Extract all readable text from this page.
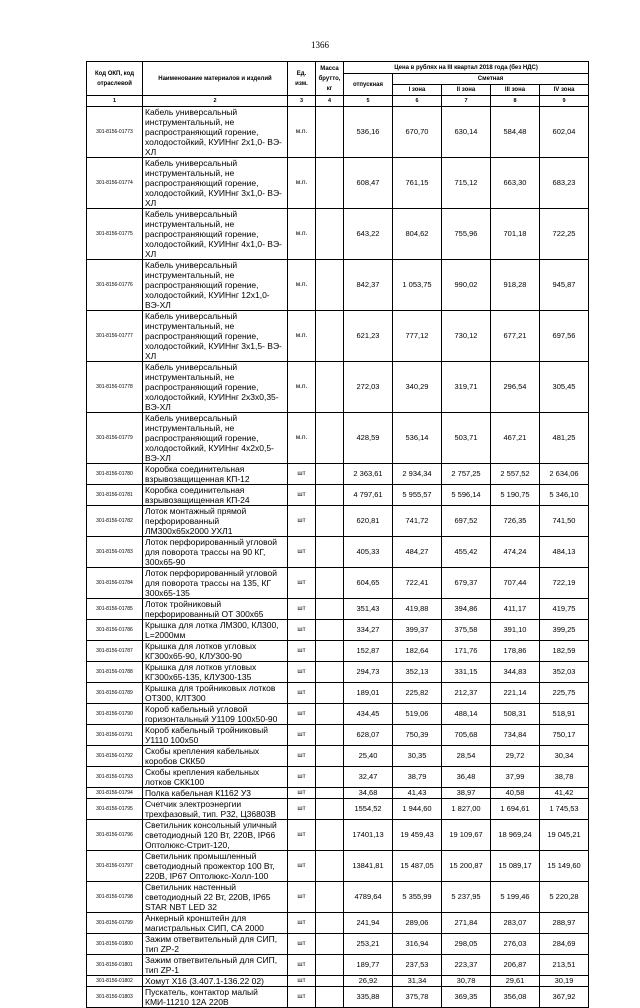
1366
Код ОКП, код отраслевой	Наименование материалов и изделий	Ед. изм.	Масса брутто, кг	Цена в рублях на III квартал 2018 года (без НДС)				
				отпускная	Сметная			
					I зона	II зона	III зона	IV зона
1	2	3	4	5	6	7	8	9
301-8156-01773	Кабель универсальный инструментальный, не распространяющий горение, холодостойкий, КУИНнг 2х1,0- ВЭ-ХЛ	м.п.		536,16	670,70	630,14	584,48	602,04
301-8156-01774	Кабель универсальный инструментальный, не распространяющий горение, холодостойкий, КУИНнг 3х1,0- ВЭ-ХЛ	м.п.		608,47	761,15	715,12	663,30	683,23
301-8156-01775	Кабель универсальный инструментальный, не распространяющий горение, холодостойкий, КУИНнг 4х1,0- ВЭ-ХЛ	м.п.		643,22	804,62	755,96	701,18	722,25
301-8156-01776	Кабель универсальный инструментальный, не распространяющий горение, холодостойкий, КУИНнг 12х1,0- ВЭ-ХЛ	м.п.		842,37	1 053,75	990,02	918,28	945,87
301-8156-01777	Кабель универсальный инструментальный, не распространяющий горение, холодостойкий, КУИНнг 3х1,5- ВЭ-ХЛ	м.п.		621,23	777,12	730,12	677,21	697,56
301-8156-01778	Кабель универсальный инструментальный, не распространяющий горение, холодостойкий, КУИНнг 2х3х0,35- ВЭ-ХЛ	м.п.		272,03	340,29	319,71	296,54	305,45
301-8156-01779	Кабель универсальный инструментальный, не распространяющий горение, холодостойкий, КУИНнг 4х2х0,5- ВЭ-ХЛ	м.п.		428,59	536,14	503,71	467,21	481,25
301-8156-01780	Коробка соединительная взрывозащищенная КП-12	шт		2 363,61	2 934,34	2 757,25	2 557,52	2 634,06
301-8156-01781	Коробка соединительная взрывозащищенная КП-24	шт		4 797,61	5 955,57	5 596,14	5 190,75	5 346,10
301-8156-01782	Лоток монтажный прямой перфорированный ЛМ300х65х2000 УХЛ1	шт		620,81	741,72	697,52	726,35	741,50
301-8156-01783	Лоток перфорированный угловой для поворота трассы на 90 КГ, 300х65-90	шт		405,33	484,27	455,42	474,24	484,13
301-8156-01784	Лоток перфорированный угловой для поворота трассы на 135, КГ 300х65-135	шт		604,65	722,41	679,37	707,44	722,19
301-8156-01785	Лоток тройниковый перфорированный ОТ 300х65	шт		351,43	419,88	394,86	411,17	419,75
301-8156-01786	Крышка для лотка ЛМ300, КЛ300, L=2000мм	шт		334,27	399,37	375,58	391,10	399,25
301-8156-01787	Крышка для лотков угловых КГ300х65-90, КЛУ300-90	шт		152,87	182,64	171,76	178,86	182,59
301-8156-01788	Крышка для лотков угловых КГ300х65-135, КЛУ300-135	шт		294,73	352,13	331,15	344,83	352,03
301-8156-01789	Крышка для тройниковых лотков ОТ300, КЛТ300	шт		189,01	225,82	212,37	221,14	225,75
301-8156-01790	Короб кабельный угловой горизонтальный У1109 100х50-90	шт		434,45	519,06	488,14	508,31	518,91
301-8156-01791	Короб кабельный тройниковый У1110 100х50	шт		628,07	750,39	705,68	734,84	750,17
301-8156-01792	Скобы крепления кабельных коробов СКК50	шт		25,40	30,35	28,54	29,72	30,34
301-8156-01793	Скобы крепления кабельных лотков СКК100	шт		32,47	38,79	36,48	37,99	38,78
301-8156-01794	Полка кабельная К1162 У3	шт		34,68	41,43	38,97	40,58	41,42
301-8156-01795	Счетчик электроэнергии трехфазовый, тип. Р32, Ц36803В	шт		1554,52	1 944,60	1 827,00	1 694,61	1 745,53
301-8156-01796	Светильник консольный уличный светодиодный 120 Вт, 220В, IP66 Оптолюкс-Стрит-120,	шт		17401,13	19 459,43	19 109,67	18 969,24	19 045,21
301-8156-01797	Светильник промышленный светодиодный прожектор 100 Вт, 220В, IP67 Оптолюкс-Холл-100	шт		13841,81	15 487,05	15 200,87	15 089,17	15 149,60
301-8156-01798	Светильник настенный светодиодный 22 Вт, 220В, IP65 STAR NBT LED 32	шт		4789,64	5 355,99	5 237,95	5 199,46	5 220,28
301-8156-01799	Анкерный кронштейн для магистральных СИП, СА 2000	шт		241,94	289,06	271,84	283,07	288,97
301-8156-01800	Зажим ответвительный для СИП, тип ZP-2	шт		253,21	316,94	298,05	276,03	284,69
301-8156-01801	Зажим ответвительный для СИП, тип ZP-1	шт		189,77	237,53	223,37	206,87	213,51
301-8156-01802	Хомут Х16 (3.407.1-136.22 02)	шт		26,92	31,34	30,78	29,61	30,19
301-8156-01803	Пускатель, контактор малый КМИ-11210 12А 220В	шт		335,88	375,78	369,35	356,08	367,92
